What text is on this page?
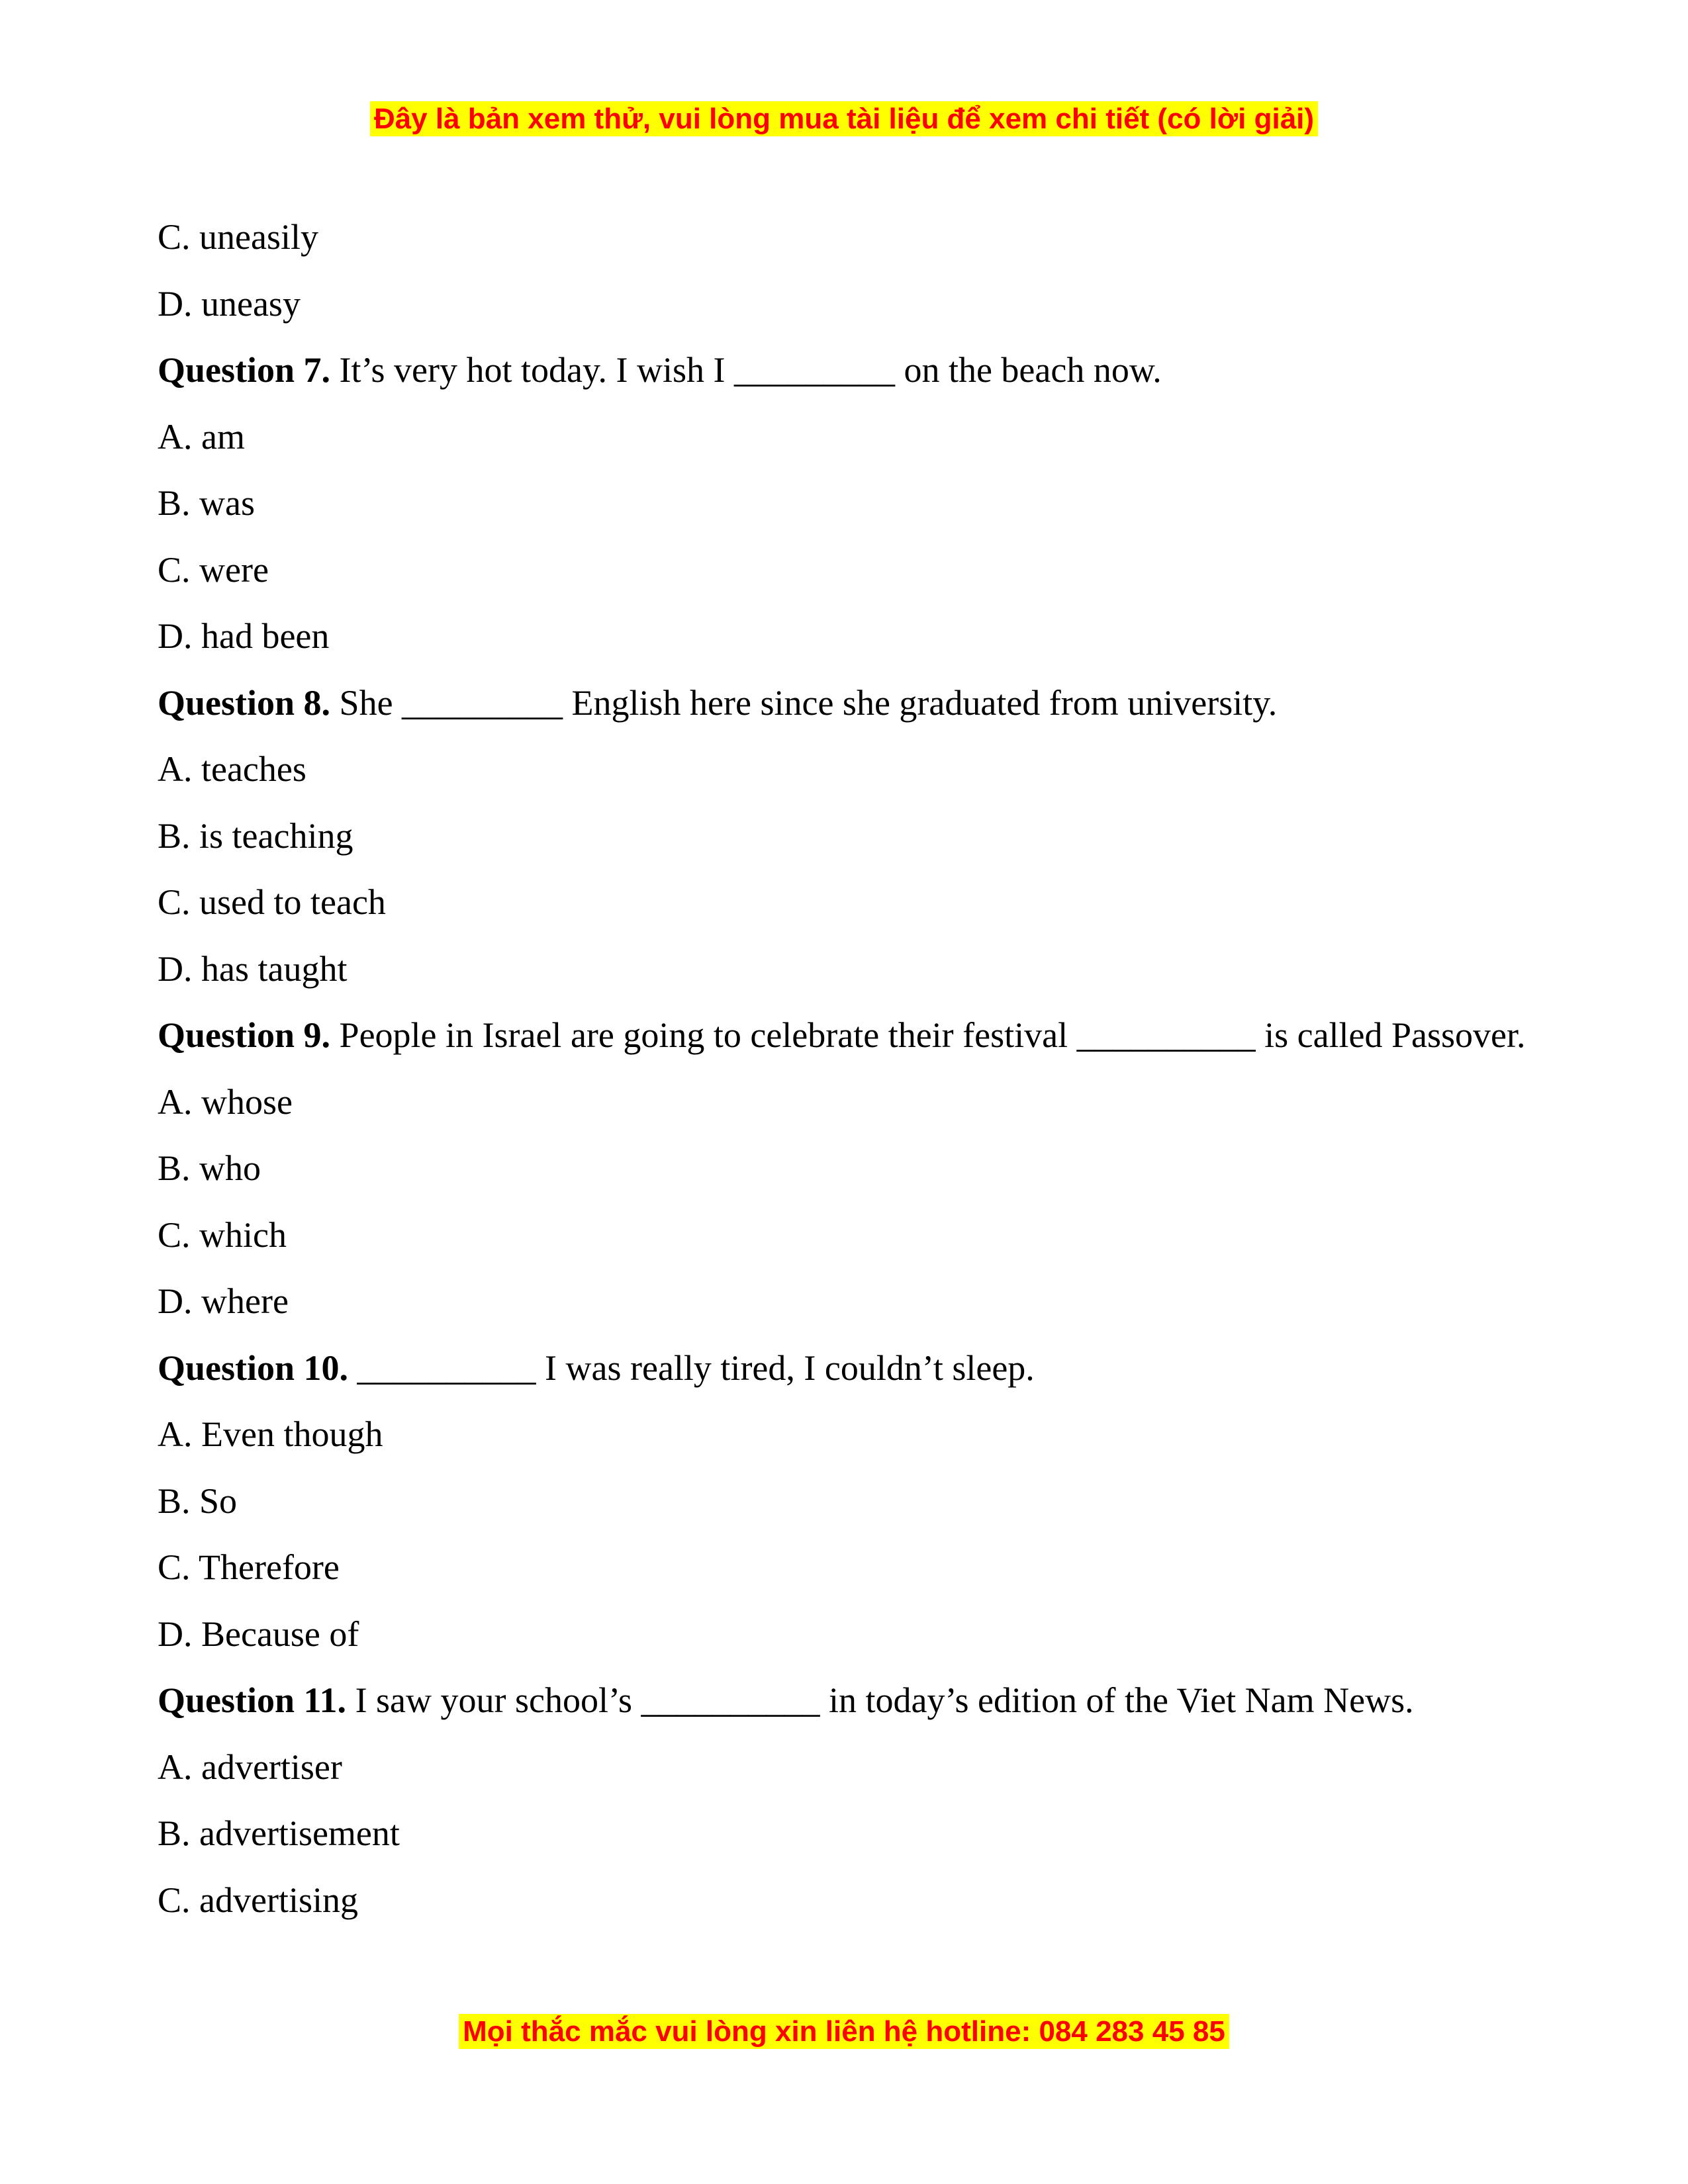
Đây là bản xem thử, vui lòng mua tài liệu để xem chi tiết (có lời giải)
C. uneasily
D. uneasy
Question 7. It’s very hot today. I wish I _________ on the beach now.
A. am
B. was
C. were
D. had been
Question 8. She _________ English here since she graduated from university.
A. teaches
B. is teaching
C. used to teach
D. has taught
Question 9. People in Israel are going to celebrate their festival __________ is called Passover.
A. whose
B. who
C. which
D. where
Question 10. __________ I was really tired, I couldn’t sleep.
A. Even though
B. So
C. Therefore
D. Because of
Question 11. I saw your school’s __________ in today’s edition of the Viet Nam News.
A. advertiser
B. advertisement
C. advertising
Mọi thắc mắc vui lòng xin liên hệ hotline: 084 283 45 85
